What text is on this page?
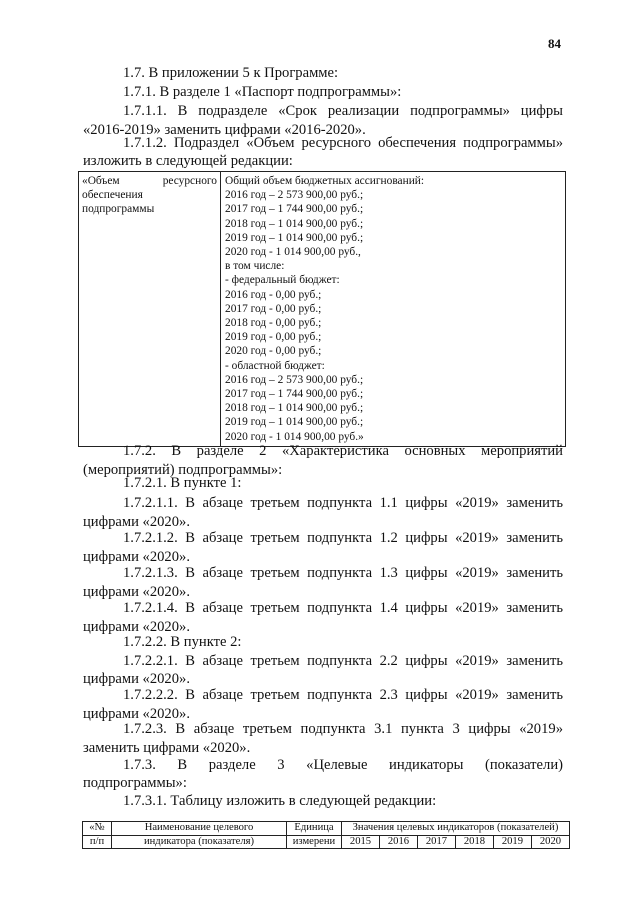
84

1.7. В приложении 5 к Программе:

1.7.1. В разделе 1 «Паспорт подпрограммы»:

1.7.1.1. В подразделе «Срок реализации подпрограммы» цифры

«2016-2019» заменить цифрами «2016-2020».

1.7.1.2. Подраздел «Объем ресурсного обеспечения подпрограммы»

изложить в следующей редакции:

«Объем ресурсного
обеспечения
подпрограммы

Общий объем бюджетных ассигнований:
2016 год – 2 573 900,00 руб.;
2017 год – 1 744 900,00 руб.;
2018 год – 1 014 900,00 руб.;
2019 год – 1 014 900,00 руб.;
2020 год - 1 014 900,00 руб.,
в том числе:
- федеральный бюджет:
2016 год - 0,00 руб.;
2017 год - 0,00 руб.;
2018 год - 0,00 руб.;
2019 год - 0,00 руб.;
2020 год - 0,00 руб.;
- областной бюджет:
2016 год – 2 573 900,00 руб.;
2017 год – 1 744 900,00 руб.;
2018 год – 1 014 900,00 руб.;
2019 год – 1 014 900,00 руб.;
2020 год - 1 014 900,00 руб.»

1.7.2. В разделе 2 «Характеристика основных мероприятий

(мероприятий) подпрограммы»:

1.7.2.1. В пункте 1:

1.7.2.1.1. В абзаце третьем подпункта 1.1 цифры «2019» заменить

цифрами «2020».

1.7.2.1.2. В абзаце третьем подпункта 1.2 цифры «2019» заменить

цифрами «2020».

1.7.2.1.3. В абзаце третьем подпункта 1.3 цифры «2019» заменить

цифрами «2020».

1.7.2.1.4. В абзаце третьем подпункта 1.4 цифры «2019» заменить

цифрами «2020».

1.7.2.2. В пункте 2:

1.7.2.2.1. В абзаце третьем подпункта 2.2 цифры «2019» заменить

цифрами «2020».

1.7.2.2.2. В абзаце третьем подпункта 2.3 цифры «2019» заменить

цифрами «2020».

1.7.2.3. В абзаце третьем подпункта 3.1 пункта 3 цифры «2019»

заменить цифрами «2020».

1.7.3. В разделе 3 «Целевые индикаторы (показатели)

подпрограммы»:

1.7.3.1. Таблицу изложить в следующей редакции:

«№	Наименование целевого	Единица	Значения целевых индикаторов (показателей)					
п/п	индикатора (показателя)	измерени	2015	2016	2017	2018	2019	2020
